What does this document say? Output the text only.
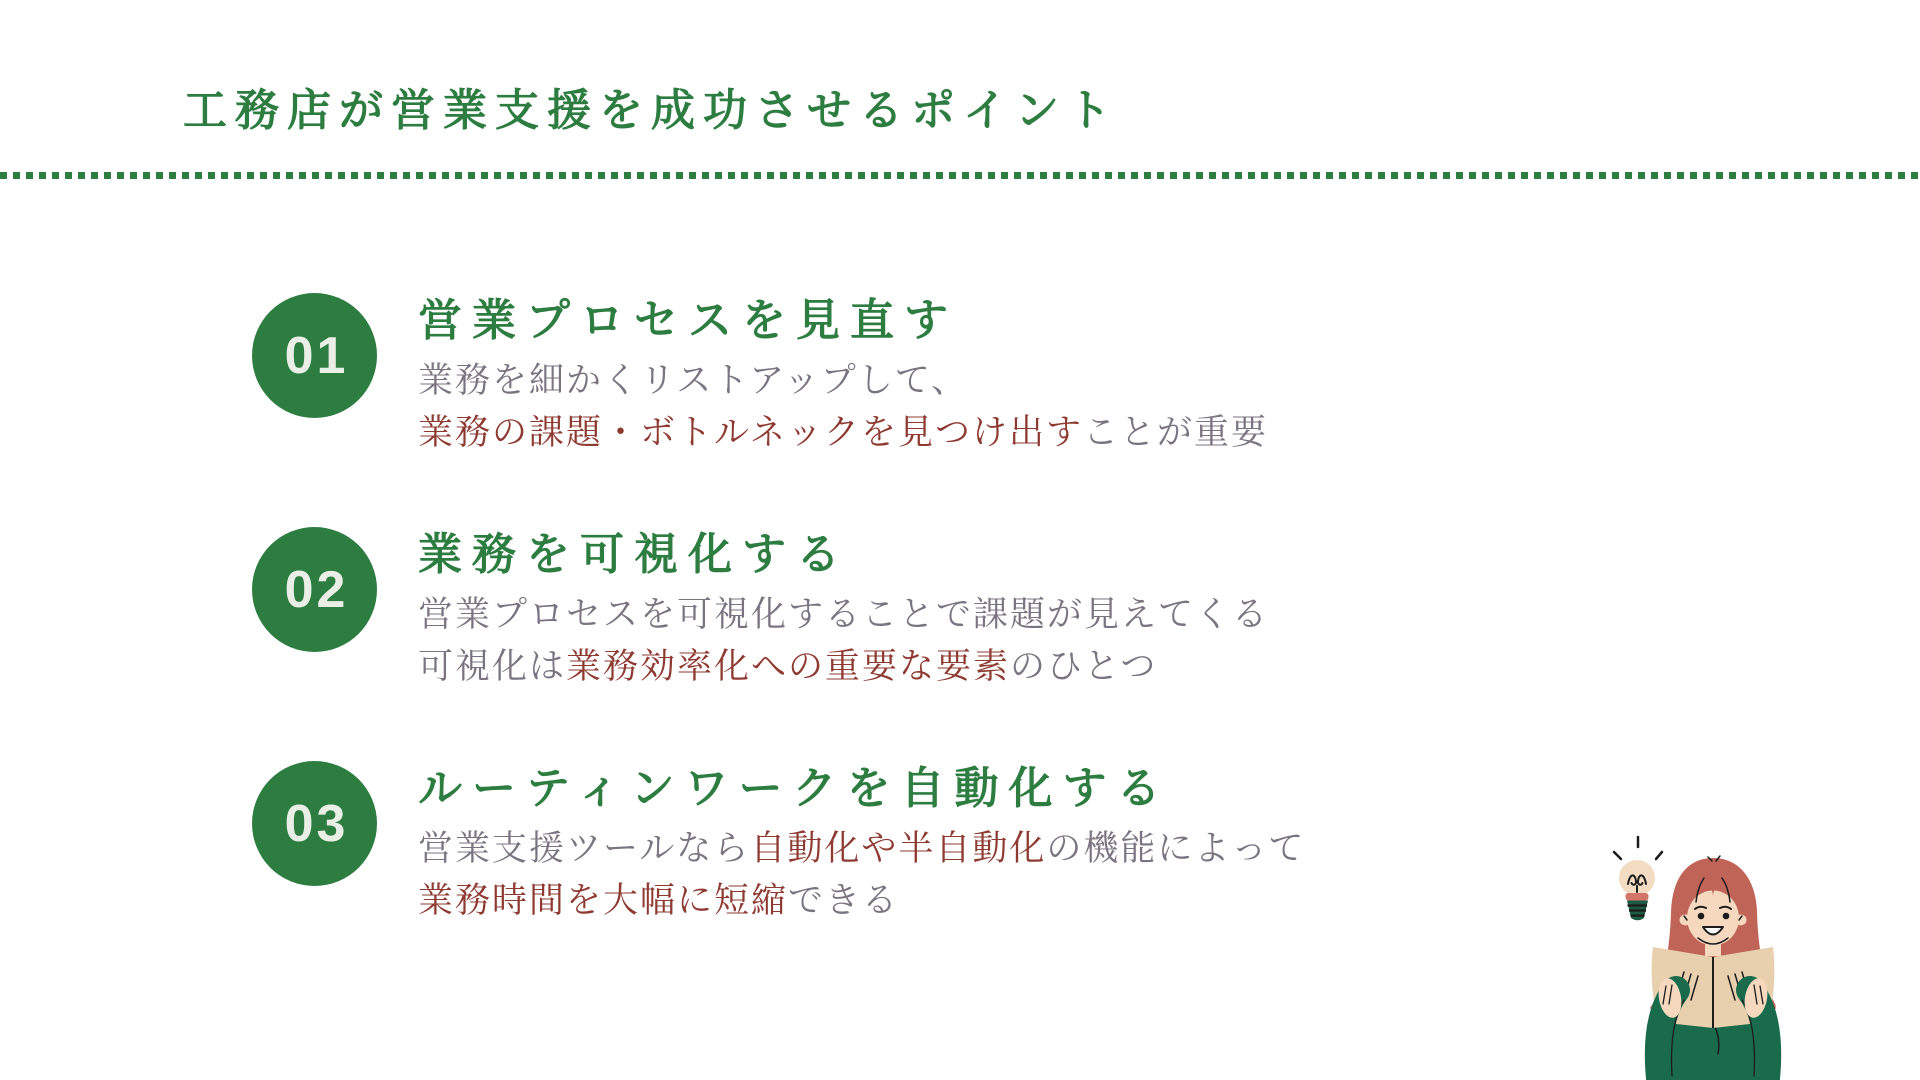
工務店が営業支援を成功させるポイント
01
営業プロセスを見直す

業務を細かくリストアップして、

業務の課題・ボトルネックを見つけ出すことが重要

02
業務を可視化する

営業プロセスを可視化することで課題が見えてくる

可視化は業務効率化への重要な要素のひとつ

03
ルーティンワークを自動化する

営業支援ツールなら自動化や半自動化の機能によって

業務時間を大幅に短縮できる
